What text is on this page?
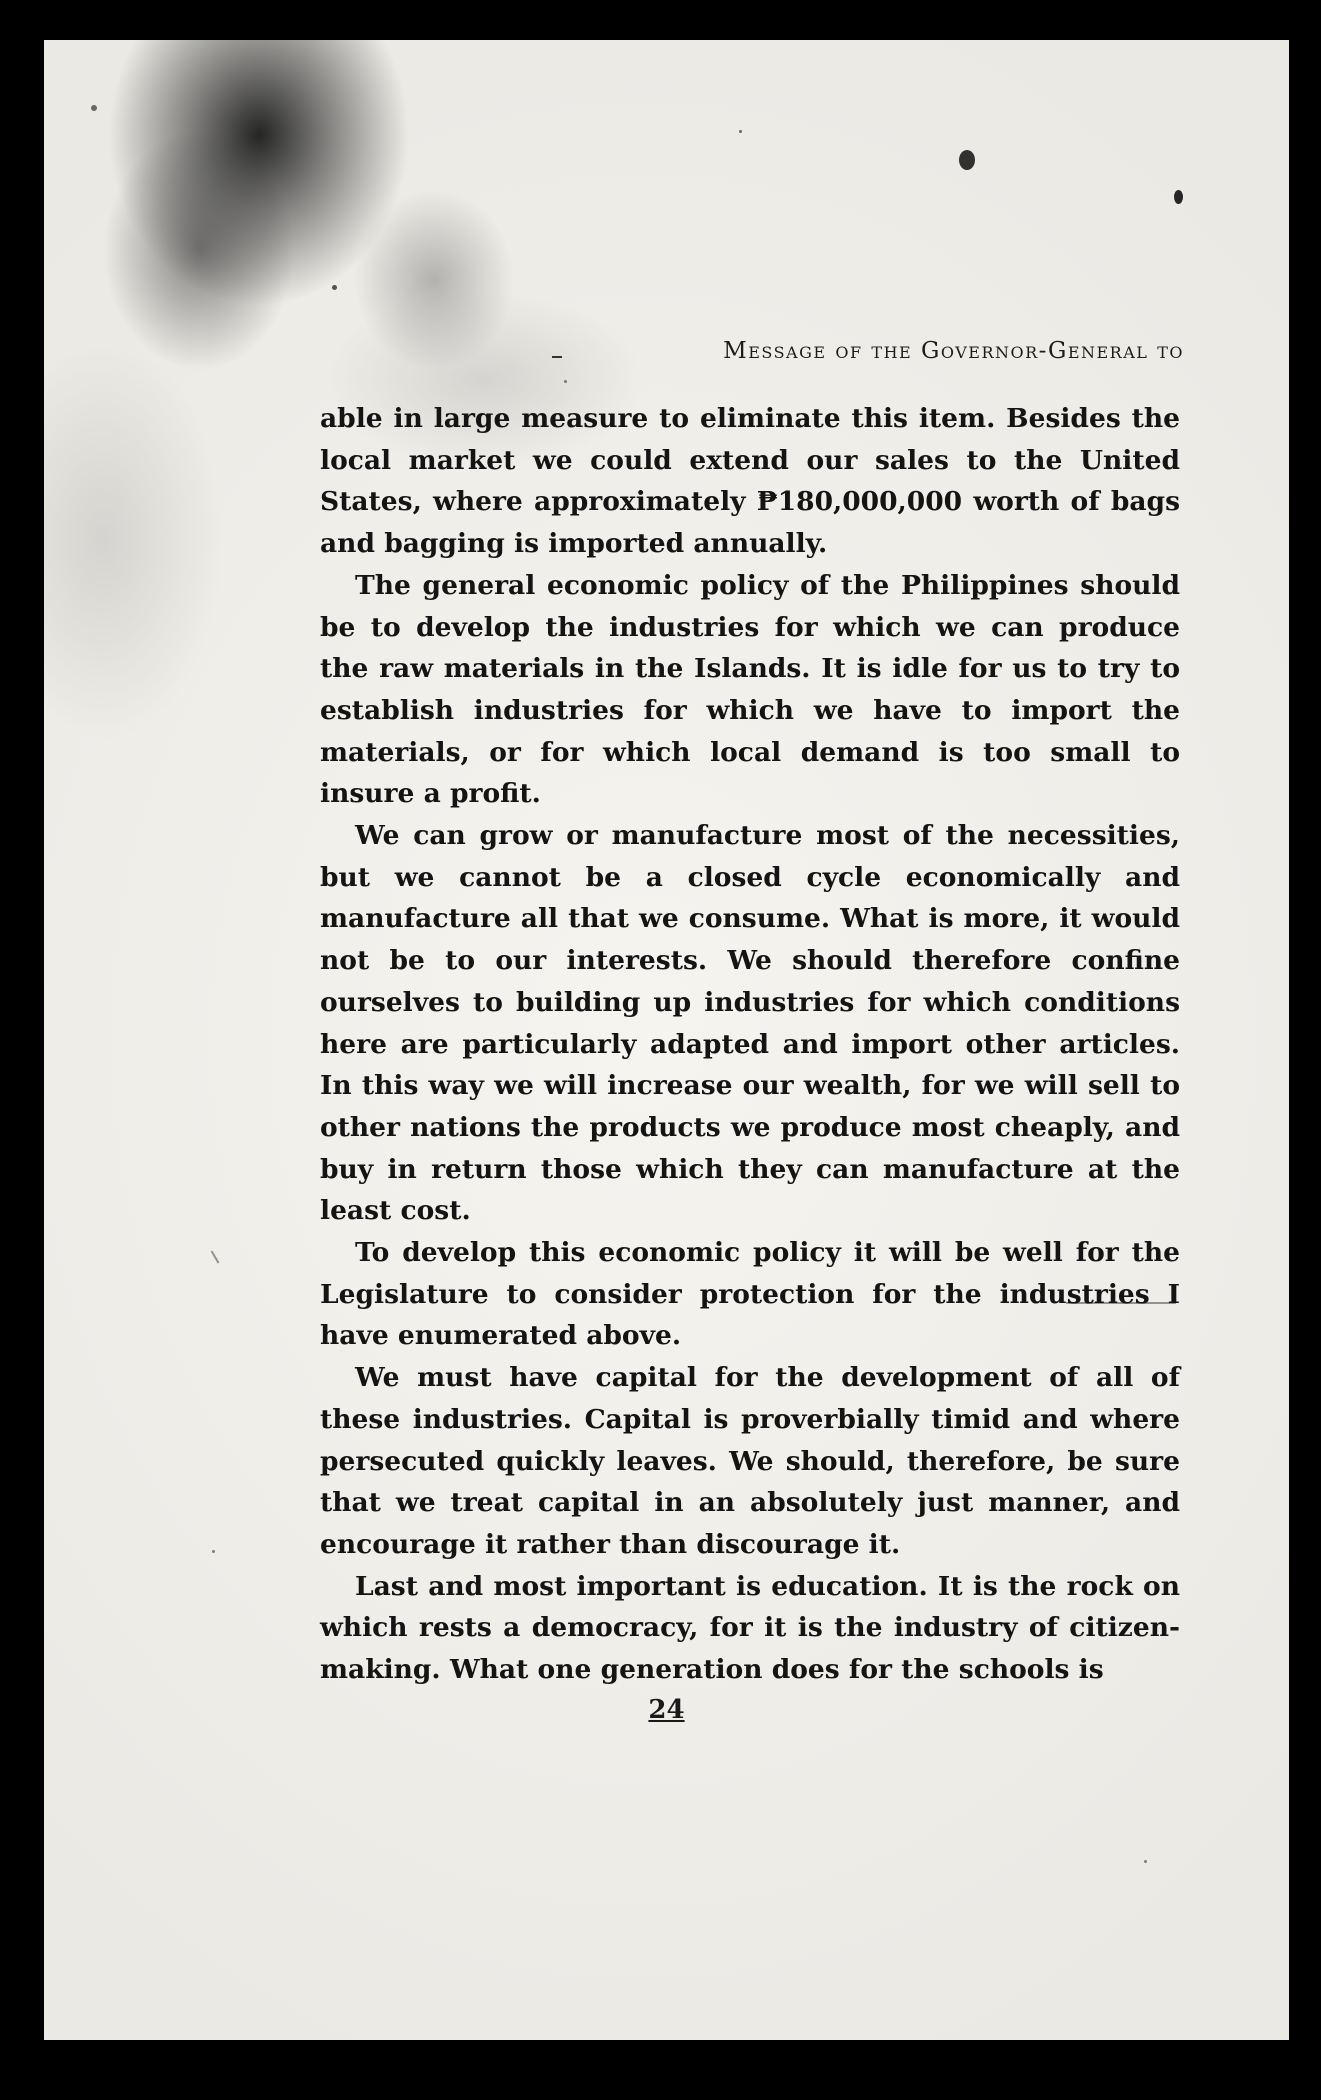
Message of the Governor-General to

able in large measure to eliminate this item. Besides the local market we could extend our sales to the United States, where approximately ₱180,000,000 worth of bags and bagging is imported annually.

The general economic policy of the Philippines should be to develop the industries for which we can produce the raw materials in the Islands. It is idle for us to try to establish industries for which we have to import the materials, or for which local demand is too small to insure a profit.

We can grow or manufacture most of the necessities, but we cannot be a closed cycle economically and manufacture all that we consume. What is more, it would not be to our interests. We should therefore confine ourselves to building up industries for which conditions here are particularly adapted and import other articles. In this way we will increase our wealth, for we will sell to other nations the products we produce most cheaply, and buy in return those which they can manufacture at the least cost.

To develop this economic policy it will be well for the Legislature to consider protection for the industries I have enumerated above.

We must have capital for the development of all of these industries. Capital is proverbially timid and where persecuted quickly leaves. We should, therefore, be sure that we treat capital in an absolutely just manner, and encourage it rather than discourage it.

Last and most important is education. It is the rock on which rests a democracy, for it is the industry of citizen-making. What one generation does for the schools is

24
